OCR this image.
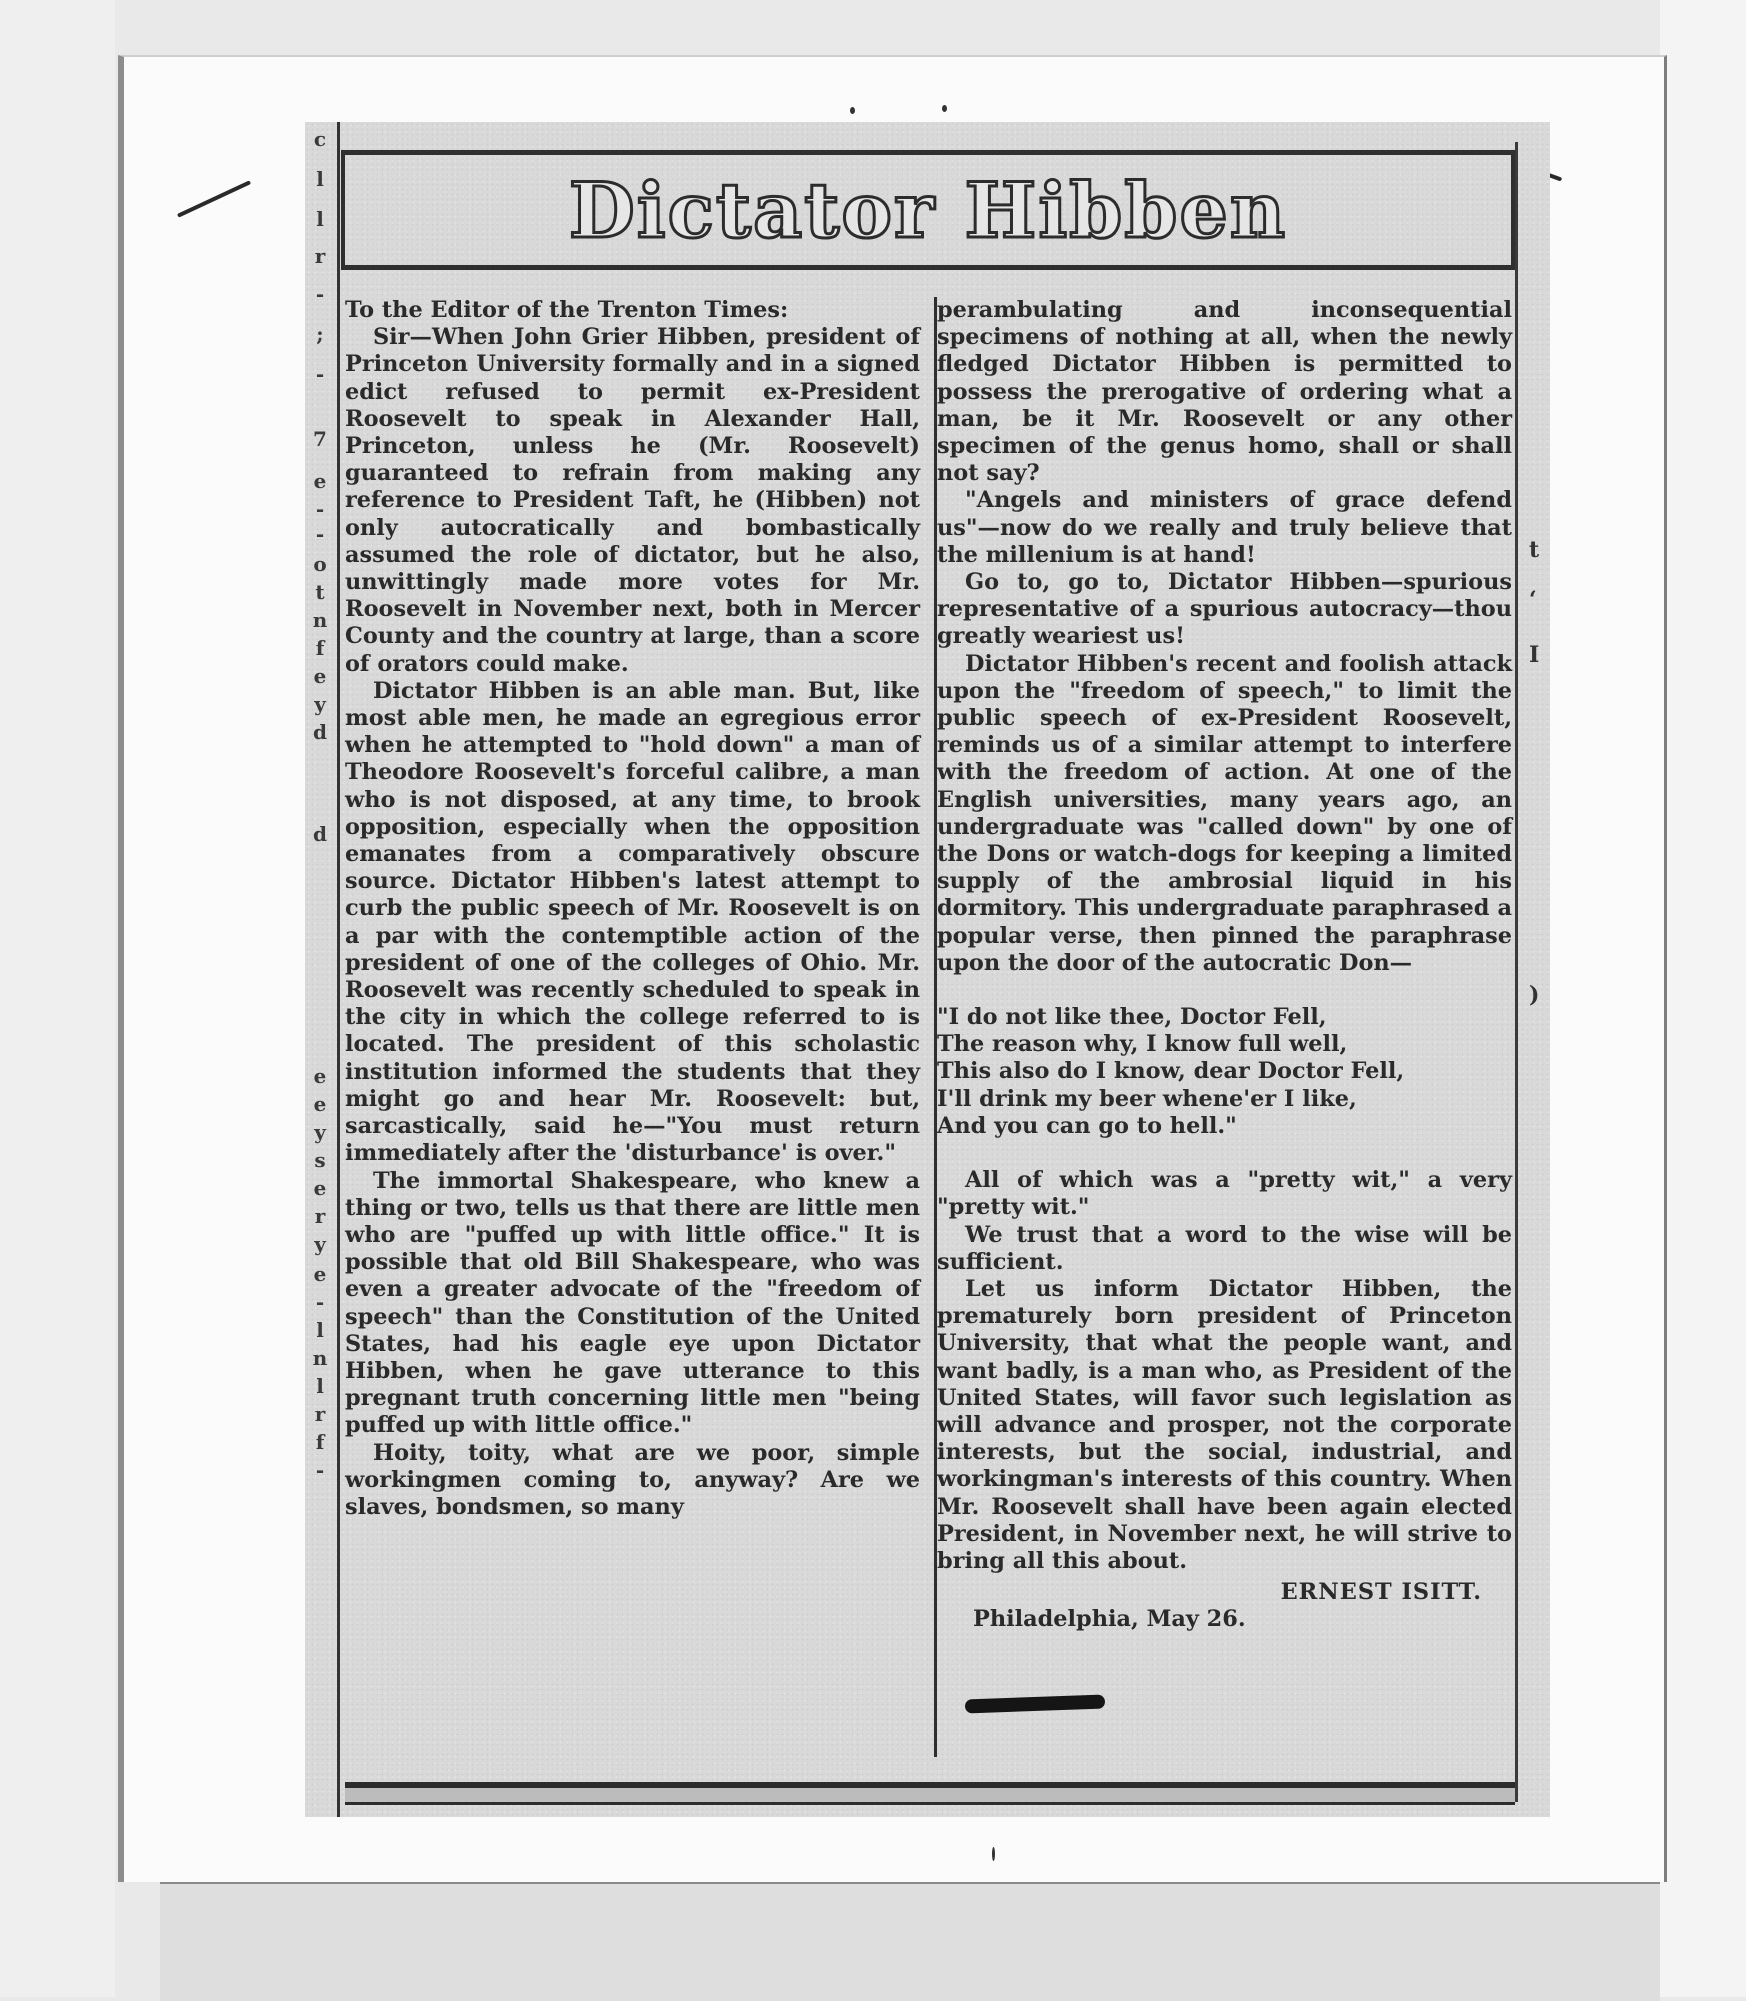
c
l
l
r
-
;
-
7
e
-
-
o
t
n
f
e
y
d
d
e
e
y
s
e
r
y
e
-
l
n
l
r
f
-
Dictator Hibben

To the Editor of the Trenton Times:

Sir—When John Grier Hibben, president of Princeton University formally and in a signed edict refused to permit ex-President Roosevelt to speak in Alexander Hall, Princeton, unless he (Mr. Roosevelt) guaranteed to refrain from making any reference to President Taft, he (Hibben) not only autocratically and bombastically assumed the role of dictator, but he also, unwittingly made more votes for Mr. Roosevelt in November next, both in Mercer County and the country at large, than a score of orators could make.

Dictator Hibben is an able man. But, like most able men, he made an egregious error when he attempted to "hold down" a man of Theodore Roosevelt's forceful calibre, a man who is not disposed, at any time, to brook opposition, especially when the opposition emanates from a comparatively obscure source. Dictator Hibben's latest attempt to curb the public speech of Mr. Roosevelt is on a par with the contemptible action of the president of one of the colleges of Ohio. Mr. Roosevelt was recently scheduled to speak in the city in which the college referred to is located. The president of this scholastic institution informed the students that they might go and hear Mr. Roosevelt: but, sarcastically, said he—"You must return immediately after the 'disturbance' is over."

The immortal Shakespeare, who knew a thing or two, tells us that there are little men who are "puffed up with little office." It is possible that old Bill Shakespeare, who was even a greater advocate of the "freedom of speech" than the Constitution of the United States, had his eagle eye upon Dictator Hibben, when he gave utterance to this pregnant truth concerning little men "being puffed up with little office."

Hoity, toity, what are we poor, simple workingmen coming to, anyway? Are we slaves, bondsmen, so many

perambulating and inconsequential specimens of nothing at all, when the newly fledged Dictator Hibben is permitted to possess the prerogative of ordering what a man, be it Mr. Roosevelt or any other specimen of the genus homo, shall or shall not say?

"Angels and ministers of grace defend us"—now do we really and truly believe that the millenium is at hand!

Go to, go to, Dictator Hibben—spurious representative of a spurious autocracy—thou greatly weariest us!

Dictator Hibben's recent and foolish attack upon the "freedom of speech," to limit the public speech of ex-President Roosevelt, reminds us of a similar attempt to interfere with the freedom of action. At one of the English universities, many years ago, an undergraduate was "called down" by one of the Dons or watch-dogs for keeping a limited supply of the ambrosial liquid in his dormitory. This undergraduate paraphrased a popular verse, then pinned the paraphrase upon the door of the autocratic Don—

"I do not like thee, Doctor Fell,
The reason why, I know full well,
This also do I know, dear Doctor Fell,
I'll drink my beer whene'er I like,
And you can go to hell."

All of which was a "pretty wit," a very "pretty wit."

We trust that a word to the wise will be sufficient.

Let us inform Dictator Hibben, the prematurely born president of Princeton University, that what the people want, and want badly, is a man who, as President of the United States, will favor such legislation as will advance and prosper, not the corporate interests, but the social, industrial, and workingman's interests of this country. When Mr. Roosevelt shall have been again elected President, in November next, he will strive to bring all this about.

ERNEST ISITT.
Philadelphia, May 26.
t
ʻ
I
)
